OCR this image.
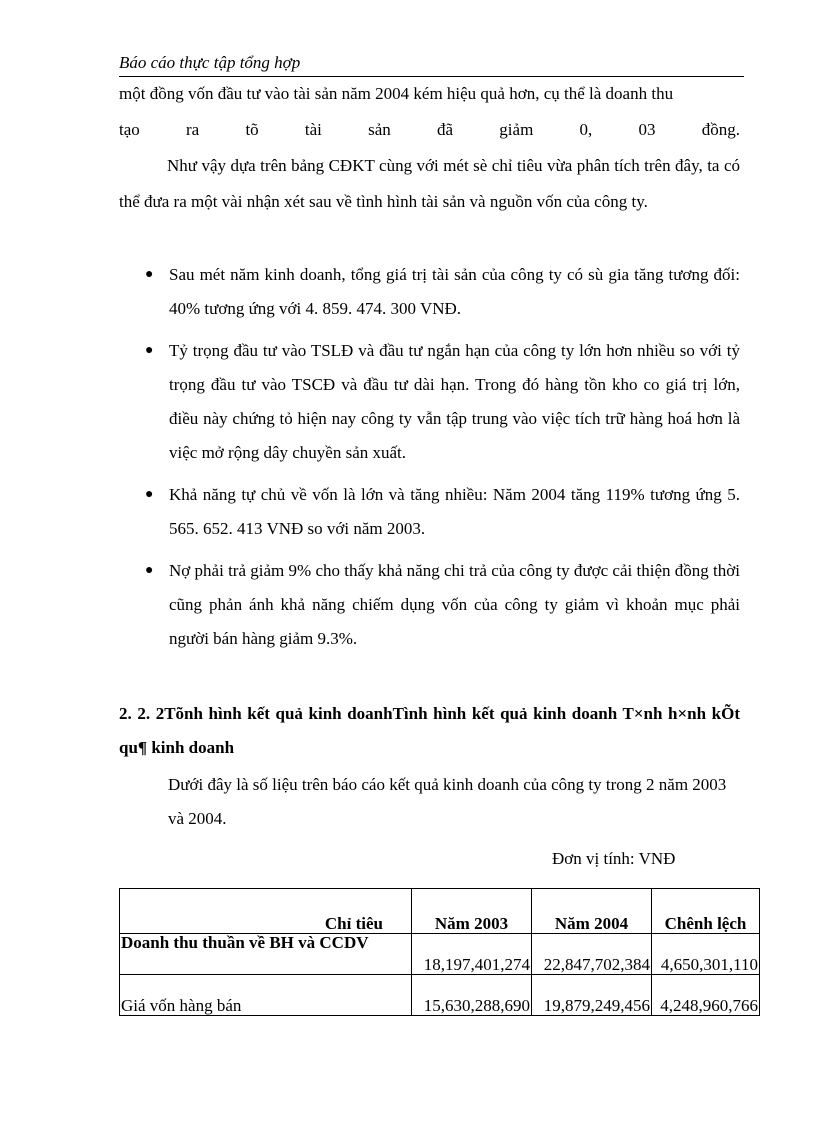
Báo cáo thực tập tổng hợp
một đồng vốn đầu tư vào tài sản năm 2004 kém hiệu quả hơn, cụ thể là doanh thu
tạo ra tõ tài sản đã giảm 0, 03 đồng.
Như vậy dựa trên bảng CĐKT cùng với mét sè chỉ tiêu vừa phân tích trên đây, ta có thể đưa ra một vài nhận xét sau về tình hình tài sản và nguồn vốn của công ty.
● Sau mét năm kinh doanh, tổng giá trị tài sản của công ty có sù gia tăng tương đối: 40% tương ứng với 4. 859. 474. 300 VNĐ.
● Tỷ trọng đầu tư vào TSLĐ và đầu tư ngắn hạn của công ty lớn hơn nhiều so với tỷ trọng đầu tư vào TSCĐ và đầu tư dài hạn. Trong đó hàng tồn kho co giá trị lớn, điều này chứng tỏ hiện nay công ty vẫn tập trung vào việc tích trữ hàng hoá hơn là việc mở rộng dây chuyền sản xuất.
● Khả năng tự chủ về vốn là lớn và tăng nhiều: Năm 2004 tăng 119% tương ứng 5. 565. 652. 413 VNĐ so với năm 2003.
● Nợ phải trả giảm 9% cho thấy khả năng chi trả của công ty được cải thiện đồng thời cũng phản ánh khả năng chiếm dụng vốn của công ty giảm vì khoản mục phải người bán hàng giảm 9.3%.
2. 2. 2Tõnh hình kết quả kinh doanhTình hình kết quả kinh doanh T×nh h×nh kÕt qu¶ kinh doanh
Dưới đây là số liệu trên báo cáo kết quả kinh doanh của công ty trong 2 năm 2003 và 2004.
Đơn vị tính: VNĐ
Chỉ tiêu	Năm 2003	Năm 2004	Chênh lệch
Doanh thu thuần về BH và CCDV	18,197,401,274	22,847,702,384	4,650,301,110
Giá vốn hàng bán	15,630,288,690	19,879,249,456	4,248,960,766
